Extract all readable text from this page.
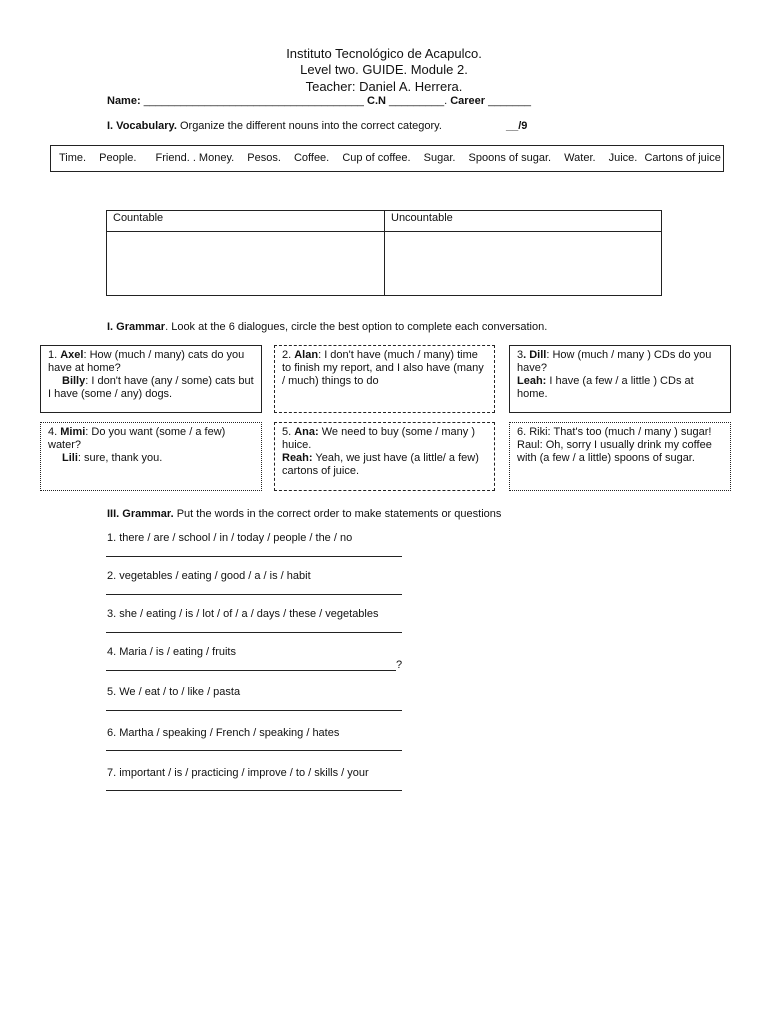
Instituto Tecnológico de Acapulco.
Level two. GUIDE. Module 2.
Teacher: Daniel A. Herrera.
Name: ____________________________________ C.N _________. Career _______
I. Vocabulary. Organize the different nouns into the correct category.	__/9
Time. People. Friend. . Money. Pesos. Coffee. Cup of coffee. Sugar. Spoons of sugar. Water. Juice. Cartons of juice
Countable	Uncountable

I. Grammar. Look at the 6 dialogues, circle the best option to complete each conversation.
1. Axel: How (much / many) cats do you have at home?
Billy: I don't have (any / some) cats but I have (some / any) dogs.
2. Alan: I don't have (much / many) time to finish my report, and I also have (many / much) things to do
3. Dill: How (much / many ) CDs do you have?
Leah: I have (a few / a little ) CDs at home.
4. Mimi: Do you want (some / a few) water?
Lili: sure, thank you.
5. Ana: We need to buy (some / many ) huice.
Reah: Yeah, we just have (a little/ a few) cartons of juice.
6. Riki: That's too (much / many ) sugar!
Raul: Oh, sorry I usually drink my coffee with (a few / a little) spoons of sugar.
III. Grammar. Put the words in the correct order to make statements or questions
1. there / are / school / in / today / people / the / no
2. vegetables / eating / good / a / is / habit
3. she / eating / is / lot / of / a / days / these / vegetables
4. Maria / is / eating / fruits
?
5. We / eat / to / like / pasta
6. Martha / speaking / French / speaking / hates
7. important / is / practicing / improve / to / skills / your
